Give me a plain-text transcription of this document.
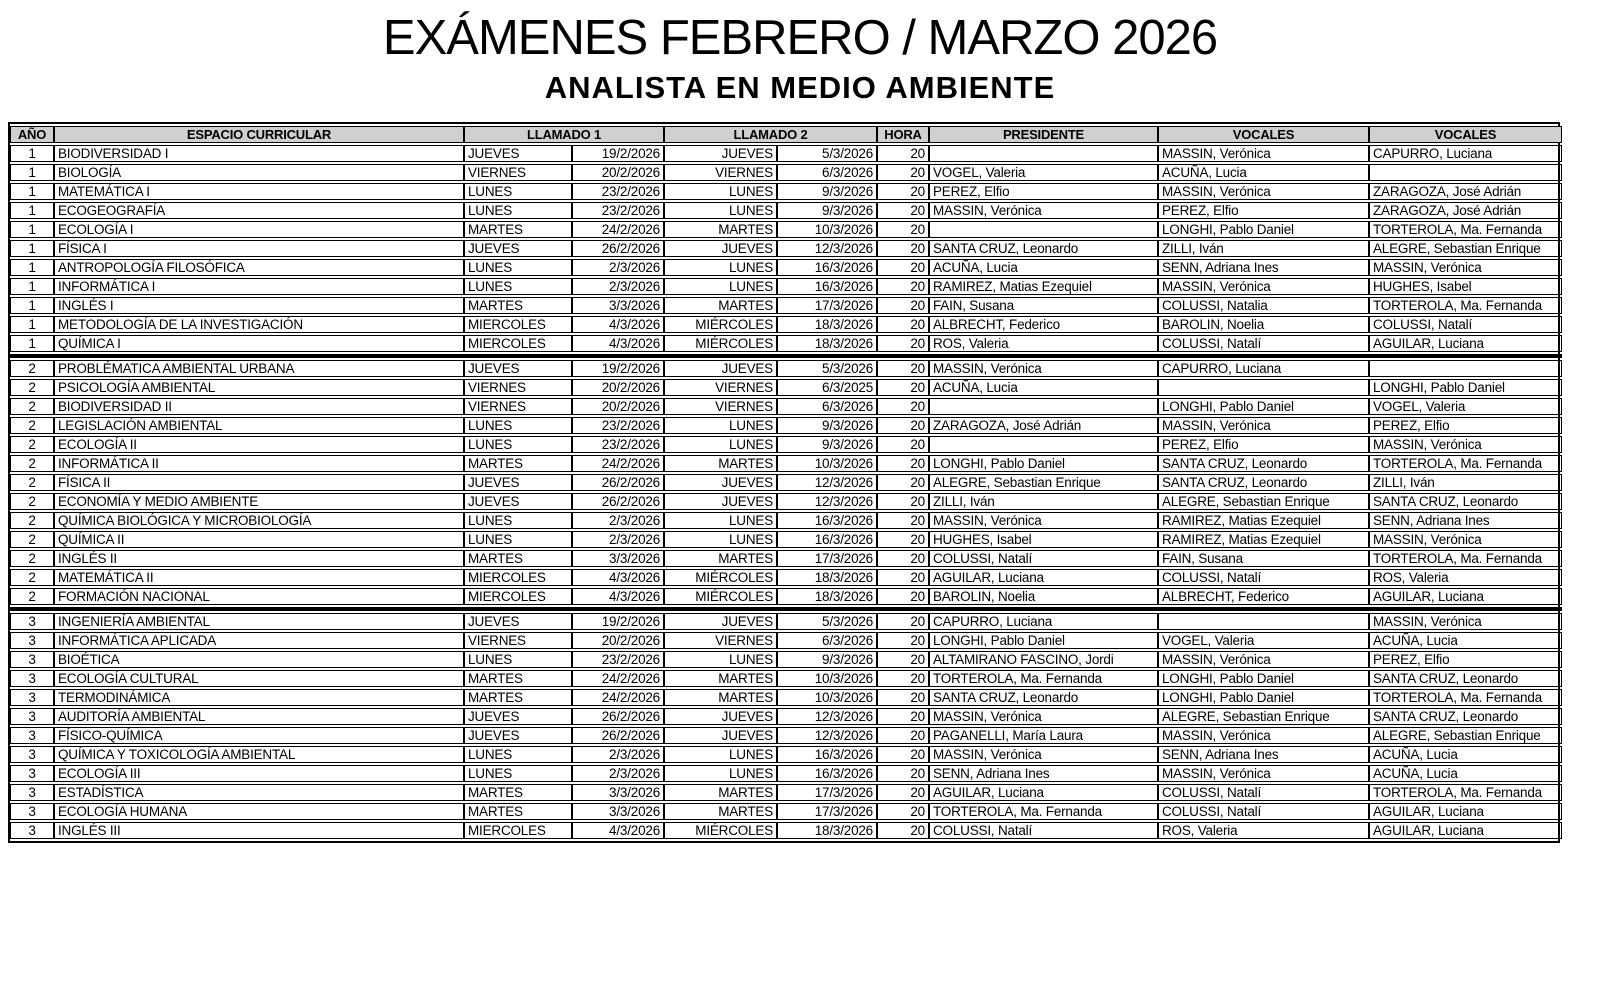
EXÁMENES FEBRERO / MARZO 2026
ANALISTA EN MEDIO AMBIENTE
AÑO	ESPACIO CURRICULAR	LLAMADO 1		LLAMADO 2		HORA	PRESIDENTE	VOCALES	VOCALES
1	BIODIVERSIDAD I	JUEVES	19/2/2026	JUEVES	5/3/2026	20		MASSIN, Verónica	CAPURRO, Luciana
1	BIOLOGÍA	VIERNES	20/2/2026	VIERNES	6/3/2026	20	VOGEL, Valeria	ACUÑA, Lucia	
1	MATEMÁTICA I	LUNES	23/2/2026	LUNES	9/3/2026	20	PEREZ, Elfio	MASSIN, Verónica	ZARAGOZA, José Adrián
1	ECOGEOGRAFÍA	LUNES	23/2/2026	LUNES	9/3/2026	20	MASSIN, Verónica	PEREZ, Elfio	ZARAGOZA, José Adrián
1	ECOLOGÍA I	MARTES	24/2/2026	MARTES	10/3/2026	20		LONGHI, Pablo Daniel	TORTEROLA, Ma. Fernanda
1	FÍSICA I	JUEVES	26/2/2026	JUEVES	12/3/2026	20	SANTA CRUZ, Leonardo	ZILLI, Iván	ALEGRE, Sebastian Enrique
1	ANTROPOLOGÍA FILOSÓFICA	LUNES	2/3/2026	LUNES	16/3/2026	20	ACUÑA, Lucia	SENN, Adriana Ines	MASSIN, Verónica
1	INFORMÁTICA I	LUNES	2/3/2026	LUNES	16/3/2026	20	RAMIREZ, Matias Ezequiel	MASSIN, Verónica	HUGHES, Isabel
1	INGLÉS I	MARTES	3/3/2026	MARTES	17/3/2026	20	FAIN, Susana	COLUSSI, Natalia	TORTEROLA, Ma. Fernanda
1	METODOLOGÍA DE LA INVESTIGACIÓN	MIERCOLES	4/3/2026	MIÉRCOLES	18/3/2026	20	ALBRECHT, Federico	BAROLIN, Noelia	COLUSSI, Natalí
1	QUÍMICA I	MIERCOLES	4/3/2026	MIÉRCOLES	18/3/2026	20	ROS, Valeria	COLUSSI, Natalí	AGUILAR, Luciana

2	PROBLÉMATICA AMBIENTAL URBANA	JUEVES	19/2/2026	JUEVES	5/3/2026	20	MASSIN, Verónica	CAPURRO, Luciana	
2	PSICOLOGÍA AMBIENTAL	VIERNES	20/2/2026	VIERNES	6/3/2025	20	ACUÑA, Lucia		LONGHI, Pablo Daniel
2	BIODIVERSIDAD II	VIERNES	20/2/2026	VIERNES	6/3/2026	20		LONGHI, Pablo Daniel	VOGEL, Valeria
2	LEGISLACIÓN AMBIENTAL	LUNES	23/2/2026	LUNES	9/3/2026	20	ZARAGOZA, José Adrián	MASSIN, Verónica	PEREZ, Elfio
2	ECOLOGÍA II	LUNES	23/2/2026	LUNES	9/3/2026	20		PEREZ, Elfio	MASSIN, Verónica
2	INFORMÁTICA II	MARTES	24/2/2026	MARTES	10/3/2026	20	LONGHI, Pablo Daniel	SANTA CRUZ, Leonardo	TORTEROLA, Ma. Fernanda
2	FÍSICA II	JUEVES	26/2/2026	JUEVES	12/3/2026	20	ALEGRE, Sebastian Enrique	SANTA CRUZ, Leonardo	ZILLI, Iván
2	ECONOMÍA Y MEDIO AMBIENTE	JUEVES	26/2/2026	JUEVES	12/3/2026	20	ZILLI, Iván	ALEGRE, Sebastian Enrique	SANTA CRUZ, Leonardo
2	QUÍMICA BIOLÓGICA Y MICROBIOLOGÍA	LUNES	2/3/2026	LUNES	16/3/2026	20	MASSIN, Verónica	RAMIREZ, Matias Ezequiel	SENN, Adriana Ines
2	QUÍMICA II	LUNES	2/3/2026	LUNES	16/3/2026	20	HUGHES, Isabel	RAMIREZ, Matias Ezequiel	MASSIN, Verónica
2	INGLÉS II	MARTES	3/3/2026	MARTES	17/3/2026	20	COLUSSI, Natalí	FAIN, Susana	TORTEROLA, Ma. Fernanda
2	MATEMÁTICA II	MIERCOLES	4/3/2026	MIÉRCOLES	18/3/2026	20	AGUILAR, Luciana	COLUSSI, Natalí	ROS, Valeria
2	FORMACIÓN NACIONAL	MIERCOLES	4/3/2026	MIÉRCOLES	18/3/2026	20	BAROLIN, Noelia	ALBRECHT, Federico	AGUILAR, Luciana

3	INGENIERÍA AMBIENTAL	JUEVES	19/2/2026	JUEVES	5/3/2026	20	CAPURRO, Luciana		MASSIN, Verónica
3	INFORMÁTICA APLICADA	VIERNES	20/2/2026	VIERNES	6/3/2026	20	LONGHI, Pablo Daniel	VOGEL, Valeria	ACUÑA, Lucia
3	BIOÉTICA	LUNES	23/2/2026	LUNES	9/3/2026	20	ALTAMIRANO FASCINO, Jordi	MASSIN, Verónica	PEREZ, Elfio
3	ECOLOGÍA CULTURAL	MARTES	24/2/2026	MARTES	10/3/2026	20	TORTEROLA, Ma. Fernanda	LONGHI, Pablo Daniel	SANTA CRUZ, Leonardo
3	TERMODINÁMICA	MARTES	24/2/2026	MARTES	10/3/2026	20	SANTA CRUZ, Leonardo	LONGHI, Pablo Daniel	TORTEROLA, Ma. Fernanda
3	AUDITORÍA AMBIENTAL	JUEVES	26/2/2026	JUEVES	12/3/2026	20	MASSIN, Verónica	ALEGRE, Sebastian Enrique	SANTA CRUZ, Leonardo
3	FÍSICO-QUÍMICA	JUEVES	26/2/2026	JUEVES	12/3/2026	20	PAGANELLI, María Laura	MASSIN, Verónica	ALEGRE, Sebastian Enrique
3	QUÍMICA Y TOXICOLOGÍA AMBIENTAL	LUNES	2/3/2026	LUNES	16/3/2026	20	MASSIN, Verónica	SENN, Adriana Ines	ACUÑA, Lucia
3	ECOLOGÍA III	LUNES	2/3/2026	LUNES	16/3/2026	20	SENN, Adriana Ines	MASSIN, Verónica	ACUÑA, Lucia
3	ESTADÍSTICA	MARTES	3/3/2026	MARTES	17/3/2026	20	AGUILAR, Luciana	COLUSSI, Natalí	TORTEROLA, Ma. Fernanda
3	ECOLOGÍA HUMANA	MARTES	3/3/2026	MARTES	17/3/2026	20	TORTEROLA, Ma. Fernanda	COLUSSI, Natalí	AGUILAR, Luciana
3	INGLÉS III	MIERCOLES	4/3/2026	MIÉRCOLES	18/3/2026	20	COLUSSI, Natalí	ROS, Valeria	AGUILAR, Luciana
